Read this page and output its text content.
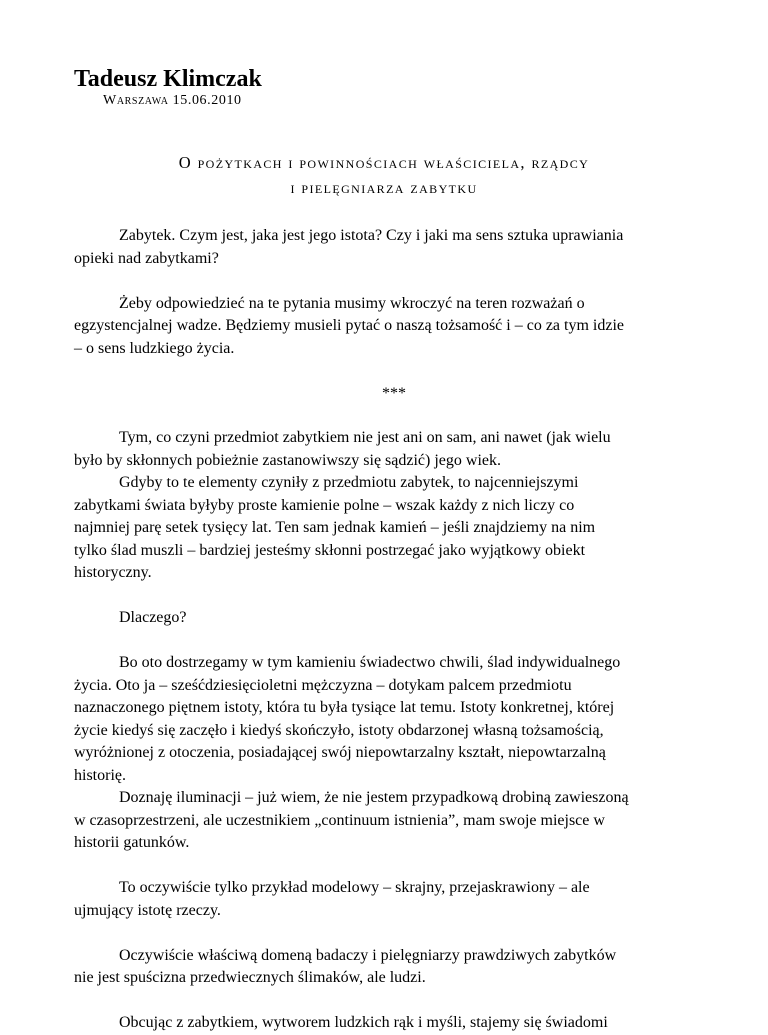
Tadeusz Klimczak
Warszawa 15.06.2010
O pożytkach i powinnościach właściciela, rządcy
i pielęgniarza zabytku

Zabytek. Czym jest, jaka jest jego istota? Czy i jaki ma sens sztuka uprawiania
opieki nad zabytkami?

Żeby odpowiedzieć na te pytania musimy wkroczyć na teren rozważań o
egzystencjalnej wadze. Będziemy musieli pytać o naszą tożsamość i – co za tym idzie
– o sens ludzkiego życia.

***

Tym, co czyni przedmiot zabytkiem nie jest ani on sam, ani nawet (jak wielu
było by skłonnych pobieżnie zastanowiwszy się sądzić) jego wiek.

Gdyby to te elementy czyniły z przedmiotu zabytek, to najcenniejszymi
zabytkami świata byłyby proste kamienie polne – wszak każdy z nich liczy co
najmniej parę setek tysięcy lat. Ten sam jednak kamień – jeśli znajdziemy na nim
tylko ślad muszli – bardziej jesteśmy skłonni postrzegać jako wyjątkowy obiekt
historyczny.

Dlaczego?

Bo oto dostrzegamy w tym kamieniu świadectwo chwili, ślad indywidualnego
życia. Oto ja – sześćdziesięcioletni mężczyzna – dotykam palcem przedmiotu
naznaczonego piętnem istoty, która tu była tysiące lat temu. Istoty konkretnej, której
życie kiedyś się zaczęło i kiedyś skończyło, istoty obdarzonej własną tożsamością,
wyróżnionej z otoczenia, posiadającej swój niepowtarzalny kształt, niepowtarzalną
historię.

Doznaję iluminacji – już wiem, że nie jestem przypadkową drobiną zawieszoną
w czasoprzestrzeni, ale uczestnikiem „continuum istnienia”, mam swoje miejsce w
historii gatunków.

To oczywiście tylko przykład modelowy – skrajny, przejaskrawiony – ale
ujmujący istotę rzeczy.

Oczywiście właściwą domeną badaczy i pielęgniarzy prawdziwych zabytków
nie jest spuścizna przedwiecznych ślimaków, ale ludzi.

Obcując z zabytkiem, wytworem ludzkich rąk i myśli, stajemy się świadomi
